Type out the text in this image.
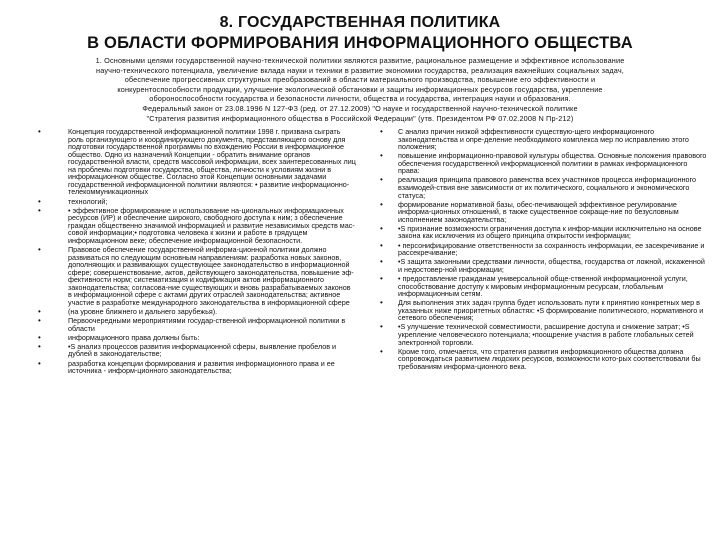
8. ГОСУДАРСТВЕННАЯ ПОЛИТИКА
В ОБЛАСТИ ФОРМИРОВАНИЯ ИНФОРМАЦИОННОГО ОБЩЕСТВА
1. Основными целями государственной научно-технической политики являются развитие, рациональное размещение и эффективное использование
научно-технического потенциала, увеличение вклада науки и техники в развитие экономики государства, реализация важнейших социальных задач,
обеспечение прогрессивных структурных преобразований в области материального производства, повышение его эффективности и
конкурентоспособности продукции, улучшение экологической обстановки и защиты информационных ресурсов государства, укрепление
обороноспособности государства и безопасности личности, общества и государства, интеграция науки и образования.
Федеральный закон от 23.08.1996 N 127-ФЗ (ред. от 27.12.2009) "О науке и государственной научно-технической политике
"Стратегия развития информационного общества в Российской Федерации" (утв. Президентом РФ 07.02.2008 N Пр-212)
•	Концепция государственной информационной политики 1998 г. призвана сыграть роль организующего и координирующего документа, представляющего основу для подготовки государственной программы по вхождению России в информационное общество. Одно из назначений Концепции - обратить внимание органов государственной власти, средств массовой информации, всех заинтересованных лиц на проблемы подготовки государства, общества, личности к условиям жизни в информационном обществе. Согласно этой Концепции основными задачами государственной информационной политики являются: • развитие информационно-телекоммуникационных
•	технологий;
•	• эффективное формирование и использование на-циональных информационных ресурсов (ИР) и обеспечение широкого, свободного доступа к ним; з обеспечение граждан общественно значимой информацией и развитие независимых средств мас-совой информации;• подготовка человека к жизни и работе в грядущем информационном веке; обеспечение информационной безопасности.
•	Правовое обеспечение государственной информа-ционной политики должно развиваться по следующим основным направлениям: разработка новых законов, дополняющих и развивающих существующее законодательство в информационной сфере; совершенствование, актов, действующего законодательства, повышение эф-фективности норм; систематизация и кодификация актов информационного законодательства; согласова-ние существующих и вновь разрабатываемых законов в информационной сфере с актами других отраслей законодательства; активное участие в разработке международного законодательства в информационной сфере
•	(на уровне ближнего и дальнего зарубежья).
•	Первоочередными мероприятиями государ-ственной информационной политики в области
•	информационного права должны быть:
•	•S анализ процессов развития информационной сферы, выявление пробелов и дублей в законодательстве;
•	разработка концепции формирования и развития информационного права и ее источника - информ-ционного законодательства;
• С анализ причин низкой эффективности существую-щего информационного законодательства и опре-деление необходимого комплекса мер по исправлению этого положения;
• повышение информационно-правовой культуры общества. Основные положения правового обеспечения государственной информационной политики в рамках информационного права:
• реализация принципа правового равенства всех участников процесса информационного взаимодей-ствия вне зависимости от их политического, социального и экономического статуса;
• формирование нормативной базы, обес-печивающей эффективное регулирование информа-ционных отношений, в также существенное сокраще-ние по безусловным исполнением законодательства;
• •S признание возможности ограничения доступа к инфор-мации исключительно на основе закона как исключения из общего принципа открытости информации;
• • персонифицирование ответственности за сохранность информации, ее засекречивание и рассекречивание;
• •S защита законными средствами личности, общества, государства от ложной, искаженной и недостовер-ной информации;
• • предоставление гражданам универсальной обще-ственной информационной услуги, способствование доступу к мировым информационным ресурсам, глобальным информационным сетям.
• Для выполнения этих задач группа будет использовать пути к принятию конкретных мер в указанных ниже приоритетных областях: •S формирование политического, нормативного и сетевого обеспечения;
• •S улучшение технической совместимости, расширение доступа и снижение затрат; •S укрепление человеческого потенциала; •поощрение участия в работе глобальных сетей электронной торговли.
• Кроме того, отмечается, что стратегия развития информационного общества должна сопровождаться развитием людских ресурсов, возможности кото-рых соответствовали бы требованиям информа-ционного века.
